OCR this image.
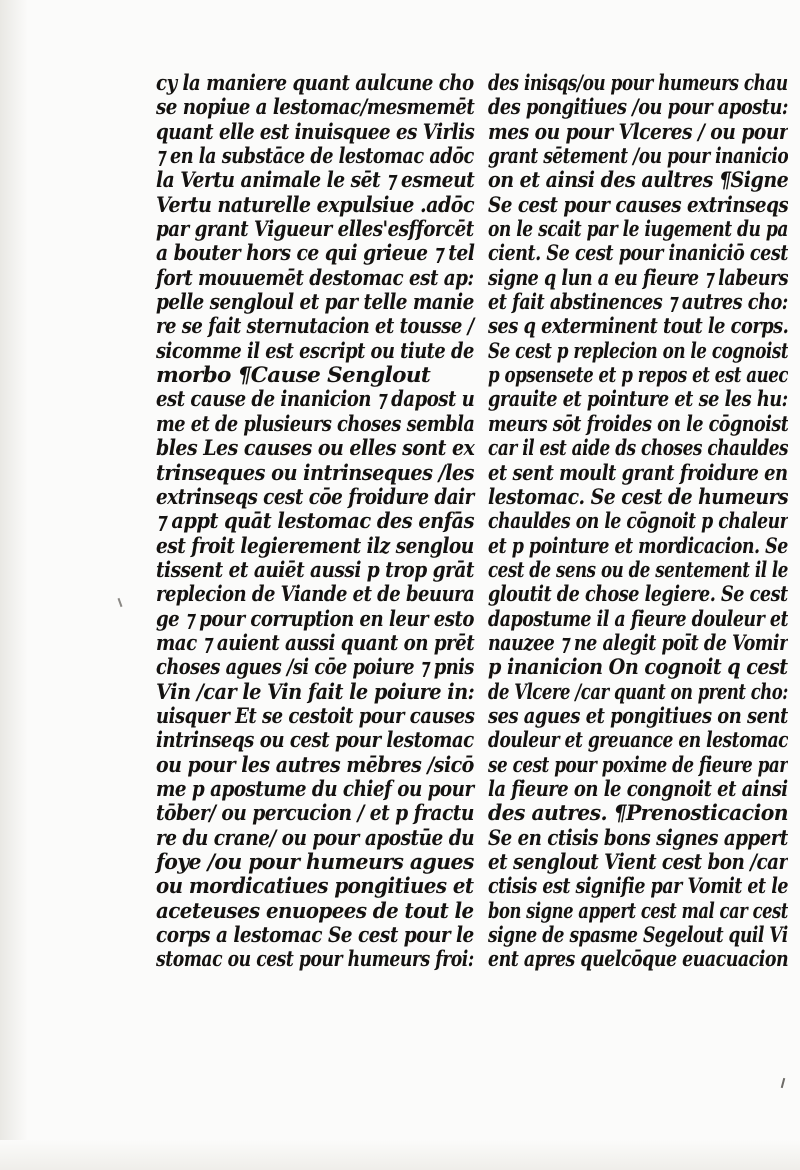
cy la maniere quant aulcune cho
se nopiue a lestomac/mesmemēt
quant elle est inuisquee es Virlis
⁊ en la substāce de lestomac adōc
la Vertu animale le sēt ⁊ esmeut
Vertu naturelle expulsiue .adōc
par grant Vigueur elles'esfforcēt
a bouter hors ce qui grieue ⁊ tel
fort mouuemēt destomac est ap:
pelle sengloul et par telle manie
re se fait sternutacion et tousse /
sicomme il est escript ou tiute de
morbo ¶Cause Senglout
est cause de inanicion ⁊ dapost u
me et de plusieurs choses sembla
bles Les causes ou elles sont ex
trinseques ou intrinseques /les
extrinseqs cest cōe froidure dair
⁊ appt quāt lestomac des enfās
est froit legierement ilz senglou
tissent et auiēt aussi p trop grāt
replecion de Viande et de beuura
ge ⁊ pour corruption en leur esto
mac ⁊ auient aussi quant on prēt
choses agues /si cōe poiure ⁊ pnis
Vin /car le Vin fait le poiure in:
uisquer Et se cestoit pour causes
intrinseqs ou cest pour lestomac
ou pour les autres mēbres /sicō
me p apostume du chief ou pour
tōber/ ou percucion / et p fractu
re du crane/ ou pour apostūe du
foye /ou pour humeurs agues
ou mordicatiues pongitiues et
aceteuses enuopees de tout le
corps a lestomac Se cest pour le
stomac ou cest pour humeurs froi:
des inisqs/ou pour humeurs chau
des pongitiues /ou pour apostu:
mes ou pour Vlceres / ou pour
grant sētement /ou pour inanicio
on et ainsi des aultres ¶Signe
Se cest pour causes extrinseqs
on le scait par le iugement du pa
cient. Se cest pour inaniciō cest
signe q lun a eu fieure ⁊ labeurs
et fait abstinences ⁊ autres cho:
ses q exterminent tout le corps.
Se cest p replecion on le cognoist
p opsensete et p repos et est auec
grauite et pointure et se les hu:
meurs sōt froides on le cōgnoist
car il est aide ds choses chauldes
et sent moult grant froidure en
lestomac. Se cest de humeurs
chauldes on le cōgnoit p chaleur
et p pointure et mordicacion. Se
cest de sens ou de sentement il le
gloutit de chose legiere. Se cest
dapostume il a fieure douleur et
nauzee ⁊ ne alegit poīt de Vomir
p inanicion On cognoit q cest
de Vlcere /car quant on prent cho:
ses agues et pongitiues on sent
douleur et greuance en lestomac
se cest pour poxime de fieure par
la fieure on le congnoit et ainsi
des autres. ¶Prenosticacion
Se en ctisis bons signes appert
et senglout Vient cest bon /car
ctisis est signifie par Vomit et le
bon signe appert cest mal car cest
signe de spasme Segelout quil Vi
ent apres quelcōque euacuacion
